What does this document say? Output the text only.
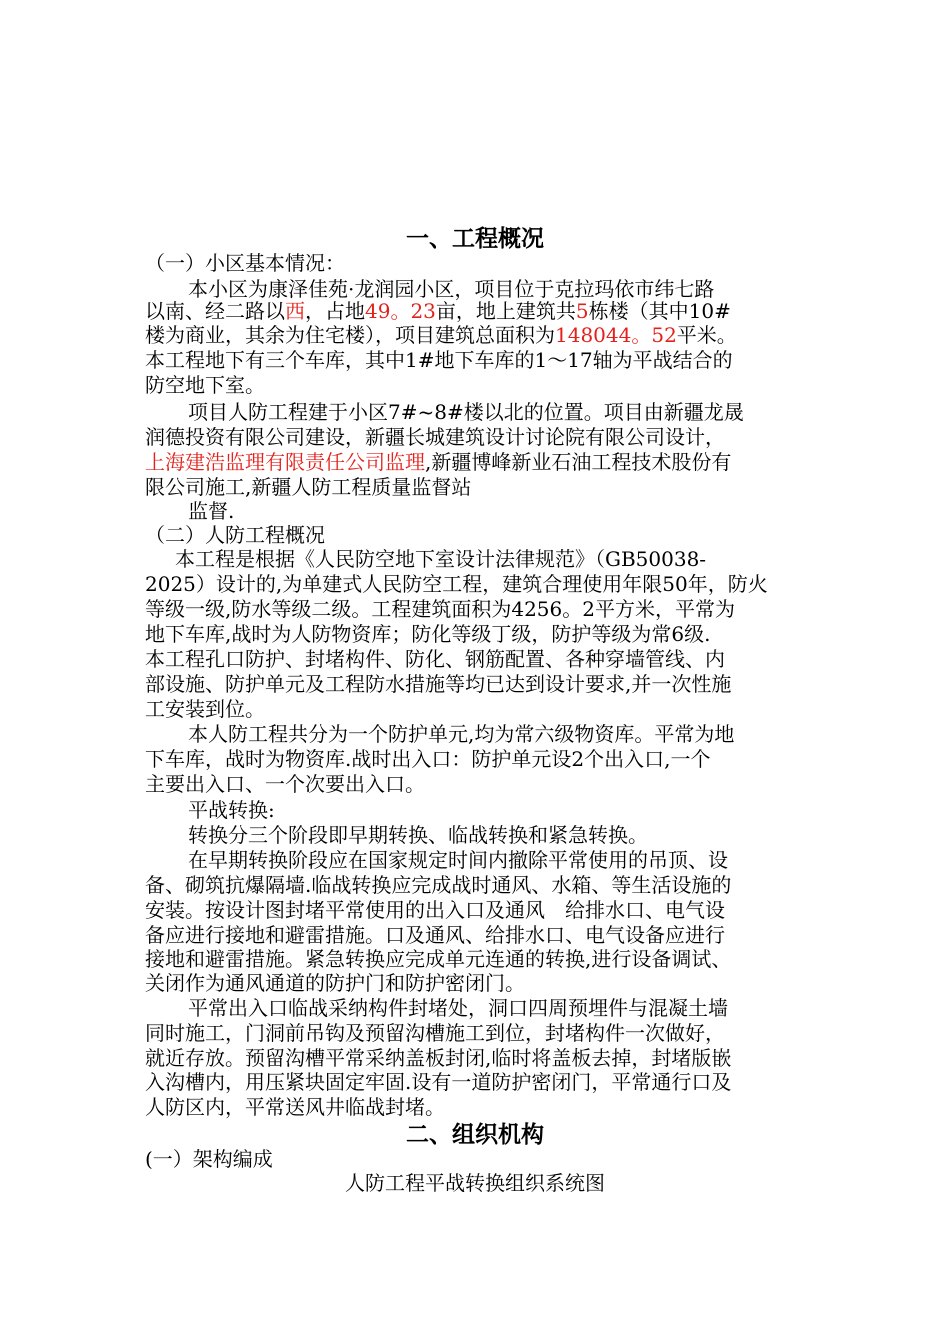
一、工程概况
（一）小区基本情况：
本小区为康泽佳苑·龙润园小区，项目位于克拉玛依市纬七路
以南、经二路以西，占地49。23亩，地上建筑共5栋楼（其中10#
楼为商业，其余为住宅楼），项目建筑总面积为148044。52平米。
本工程地下有三个车库，其中1#地下车库的1～17轴为平战结合的
防空地下室。
项目人防工程建于小区7#~8#楼以北的位置。项目由新疆龙晟
润德投资有限公司建设，新疆长城建筑设计讨论院有限公司设计，
上海建浩监理有限责任公司监理,新疆博峰新业石油工程技术股份有
限公司施工,新疆人防工程质量监督站
监督.
（二）人防工程概况
本工程是根据《人民防空地下室设计法律规范》（GB50038-
2025）设计的,为单建式人民防空工程，建筑合理使用年限50年，防火
等级一级,防水等级二级。工程建筑面积为4256。2平方米，平常为
地下车库,战时为人防物资库；防化等级丁级，防护等级为常6级.
本工程孔口防护、封堵构件、防化、钢筋配置、各种穿墙管线、内
部设施、防护单元及工程防水措施等均已达到设计要求,并一次性施
工安装到位。
本人防工程共分为一个防护单元,均为常六级物资库。平常为地
下车库，战时为物资库.战时出入口：防护单元设2个出入口,一个
主要出入口、一个次要出入口。
平战转换:
转换分三个阶段即早期转换、临战转换和紧急转换。
在早期转换阶段应在国家规定时间内撤除平常使用的吊顶、设
备、砌筑抗爆隔墙.临战转换应完成战时通风、水箱、等生活设施的
安装。按设计图封堵平常使用的出入口及通风　给排水口、电气设
备应进行接地和避雷措施。口及通风、给排水口、电气设备应进行
接地和避雷措施。紧急转换应完成单元连通的转换,进行设备调试、
关闭作为通风通道的防护门和防护密闭门。
平常出入口临战采纳构件封堵处，洞口四周预埋件与混凝土墙
同时施工，门洞前吊钩及预留沟槽施工到位，封堵构件一次做好，
就近存放。预留沟槽平常采纳盖板封闭,临时将盖板去掉，封堵版嵌
入沟槽内，用压紧块固定牢固.设有一道防护密闭门，平常通行口及
人防区内，平常送风井临战封堵。
二、组织机构
(一）架构编成
人防工程平战转换组织系统图
